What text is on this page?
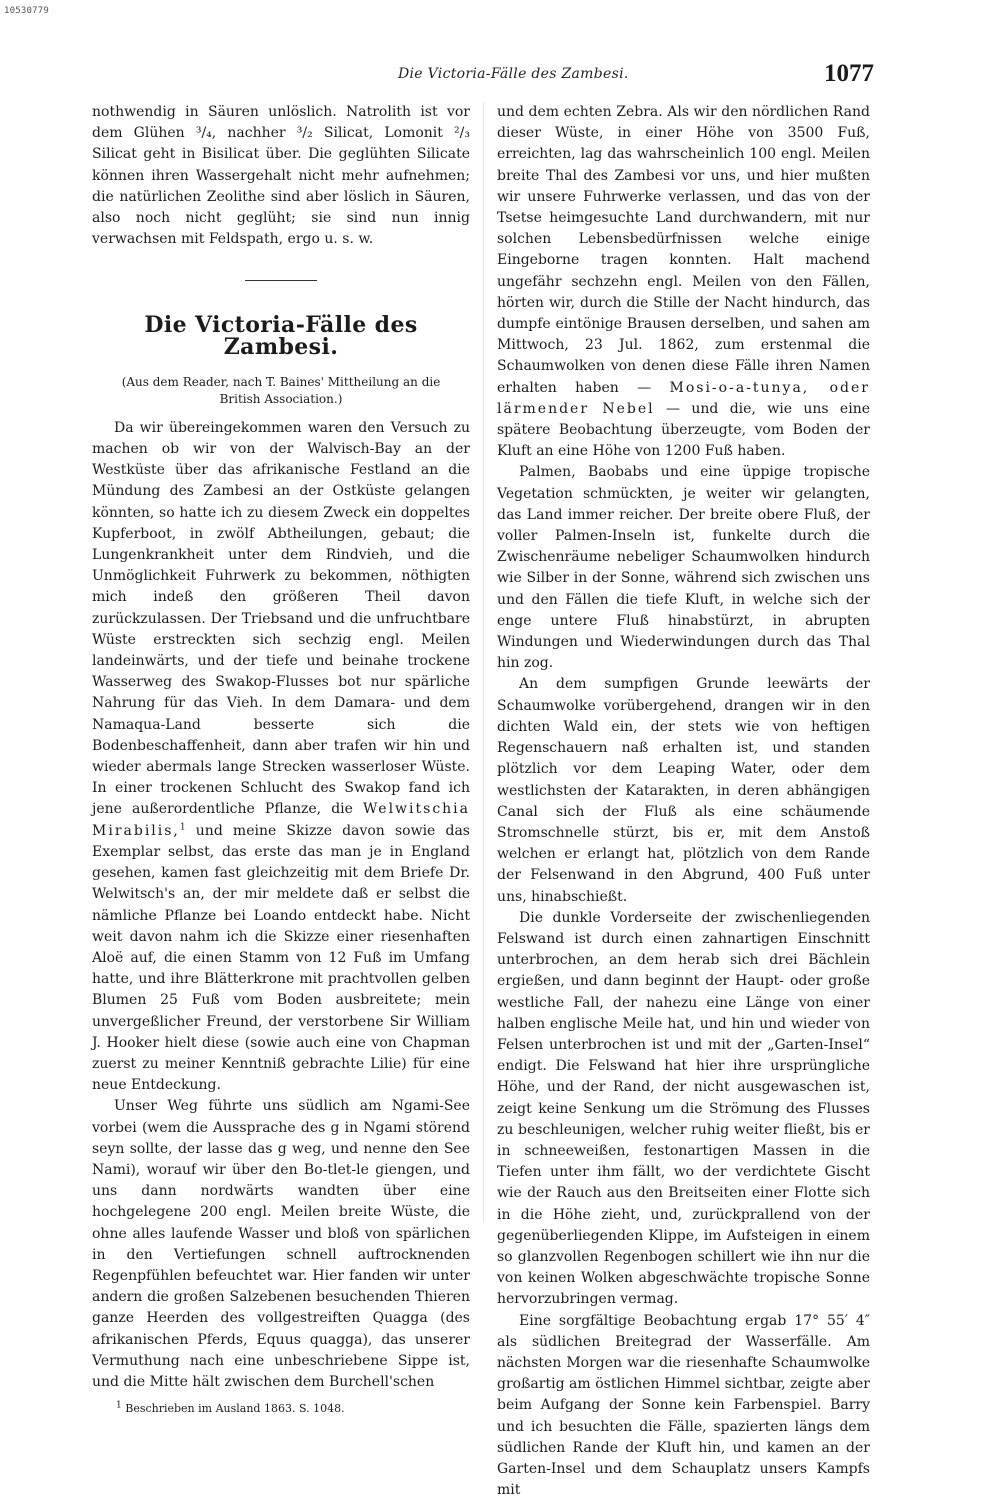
10530779
Die Victoria-Fälle des Zambesi.	1077

nothwendig in Säuren unlöslich. Natrolith ist vor dem Glühen ³/₄, nachher ³/₂ Silicat, Lomonit ²/₃ Silicat geht in Bisilicat über. Die geglühten Silicate können ihren Wassergehalt nicht mehr aufnehmen; die natürlichen Zeolithe sind aber löslich in Säuren, also noch nicht geglüht; sie sind nun innig verwachsen mit Feldspath, ergo u. s. w.

Die Victoria-Fälle des Zambesi.
(Aus dem Reader, nach T. Baines' Mittheilung an die British Association.)

Da wir übereingekommen waren den Versuch zu machen ob wir von der Walvisch-Bay an der Westküste über das afrikanische Festland an die Mündung des Zambesi an der Ostküste gelangen könnten, so hatte ich zu diesem Zweck ein doppeltes Kupferboot, in zwölf Abtheilungen, gebaut; die Lungenkrankheit unter dem Rindvieh, und die Unmöglichkeit Fuhrwerk zu bekommen, nöthigten mich indeß den größeren Theil davon zurückzulassen. Der Triebsand und die unfruchtbare Wüste erstreckten sich sechzig engl. Meilen landeinwärts, und der tiefe und beinahe trockene Wasserweg des Swakop-Flusses bot nur spärliche Nahrung für das Vieh. In dem Damara- und dem Namaqua-Land besserte sich die Bodenbeschaffenheit, dann aber trafen wir hin und wieder abermals lange Strecken wasserloser Wüste. In einer trockenen Schlucht des Swakop fand ich jene außerordentliche Pflanze, die Welwitschia Mirabilis,$^1$ und meine Skizze davon sowie das Exemplar selbst, das erste das man je in England gesehen, kamen fast gleichzeitig mit dem Briefe Dr. Welwitsch's an, der mir meldete daß er selbst die nämliche Pflanze bei Loando entdeckt habe. Nicht weit davon nahm ich die Skizze einer riesenhaften Aloë auf, die einen Stamm von 12 Fuß im Umfang hatte, und ihre Blätterkrone mit prachtvollen gelben Blumen 25 Fuß vom Boden ausbreitete; mein unvergeßlicher Freund, der verstorbene Sir William J. Hooker hielt diese (sowie auch eine von Chapman zuerst zu meiner Kenntniß gebrachte Lilie) für eine neue Entdeckung.

Unser Weg führte uns südlich am Ngami-See vorbei (wem die Aussprache des g in Ngami störend seyn sollte, der lasse das g weg, und nenne den See Nami), worauf wir über den Bo-tlet-le giengen, und uns dann nordwärts wandten über eine hochgelegene 200 engl. Meilen breite Wüste, die ohne alles laufende Wasser und bloß von spärlichen in den Vertiefungen schnell auftrocknenden Regenpfühlen befeuchtet war. Hier fanden wir unter andern die großen Salzebenen besuchenden Thieren ganze Heerden des vollgestreiften Quagga (des afrikanischen Pferds, Equus quagga), das unserer Vermuthung nach eine unbeschriebene Sippe ist, und die Mitte hält zwischen dem Burchell'schen

$^1$ Beschrieben im Ausland 1863. S. 1048.

und dem echten Zebra. Als wir den nördlichen Rand dieser Wüste, in einer Höhe von 3500 Fuß, erreichten, lag das wahrscheinlich 100 engl. Meilen breite Thal des Zambesi vor uns, und hier mußten wir unsere Fuhrwerke verlassen, und das von der Tsetse heimgesuchte Land durchwandern, mit nur solchen Lebensbedürfnissen welche einige Eingeborne tragen konnten. Halt machend ungefähr sechzehn engl. Meilen von den Fällen, hörten wir, durch die Stille der Nacht hindurch, das dumpfe eintönige Brausen derselben, und sahen am Mittwoch, 23 Jul. 1862, zum erstenmal die Schaumwolken von denen diese Fälle ihren Namen erhalten haben — Mosi-o-a-tunya, oder lärmender Nebel — und die, wie uns eine spätere Beobachtung überzeugte, vom Boden der Kluft an eine Höhe von 1200 Fuß haben.

Palmen, Baobabs und eine üppige tropische Vegetation schmückten, je weiter wir gelangten, das Land immer reicher. Der breite obere Fluß, der voller Palmen-Inseln ist, funkelte durch die Zwischenräume nebeliger Schaumwolken hindurch wie Silber in der Sonne, während sich zwischen uns und den Fällen die tiefe Kluft, in welche sich der enge untere Fluß hinabstürzt, in abrupten Windungen und Wiederwindungen durch das Thal hin zog.

An dem sumpfigen Grunde leewärts der Schaumwolke vorübergehend, drangen wir in den dichten Wald ein, der stets wie von heftigen Regenschauern naß erhalten ist, und standen plötzlich vor dem Leaping Water, oder dem westlichsten der Katarakten, in deren abhängigen Canal sich der Fluß als eine schäumende Stromschnelle stürzt, bis er, mit dem Anstoß welchen er erlangt hat, plötzlich von dem Rande der Felsenwand in den Abgrund, 400 Fuß unter uns, hinabschießt.

Die dunkle Vorderseite der zwischenliegenden Felswand ist durch einen zahnartigen Einschnitt unterbrochen, an dem herab sich drei Bächlein ergießen, und dann beginnt der Haupt- oder große westliche Fall, der nahezu eine Länge von einer halben englische Meile hat, und hin und wieder von Felsen unterbrochen ist und mit der „Garten-Insel“ endigt. Die Felswand hat hier ihre ursprüngliche Höhe, und der Rand, der nicht ausgewaschen ist, zeigt keine Senkung um die Strömung des Flusses zu beschleunigen, welcher ruhig weiter fließt, bis er in schneeweißen, festonartigen Massen in die Tiefen unter ihm fällt, wo der verdichtete Gischt wie der Rauch aus den Breitseiten einer Flotte sich in die Höhe zieht, und, zurückprallend von der gegenüberliegenden Klippe, im Aufsteigen in einem so glanzvollen Regenbogen schillert wie ihn nur die von keinen Wolken abgeschwächte tropische Sonne hervorzubringen vermag.

Eine sorgfältige Beobachtung ergab 17° 55′ 4″ als südlichen Breitegrad der Wasserfälle. Am nächsten Morgen war die riesenhafte Schaumwolke großartig am östlichen Himmel sichtbar, zeigte aber beim Aufgang der Sonne kein Farbenspiel. Barry und ich besuchten die Fälle, spazierten längs dem südlichen Rande der Kluft hin, und kamen an der Garten-Insel und dem Schauplatz unsers Kampfs mit
